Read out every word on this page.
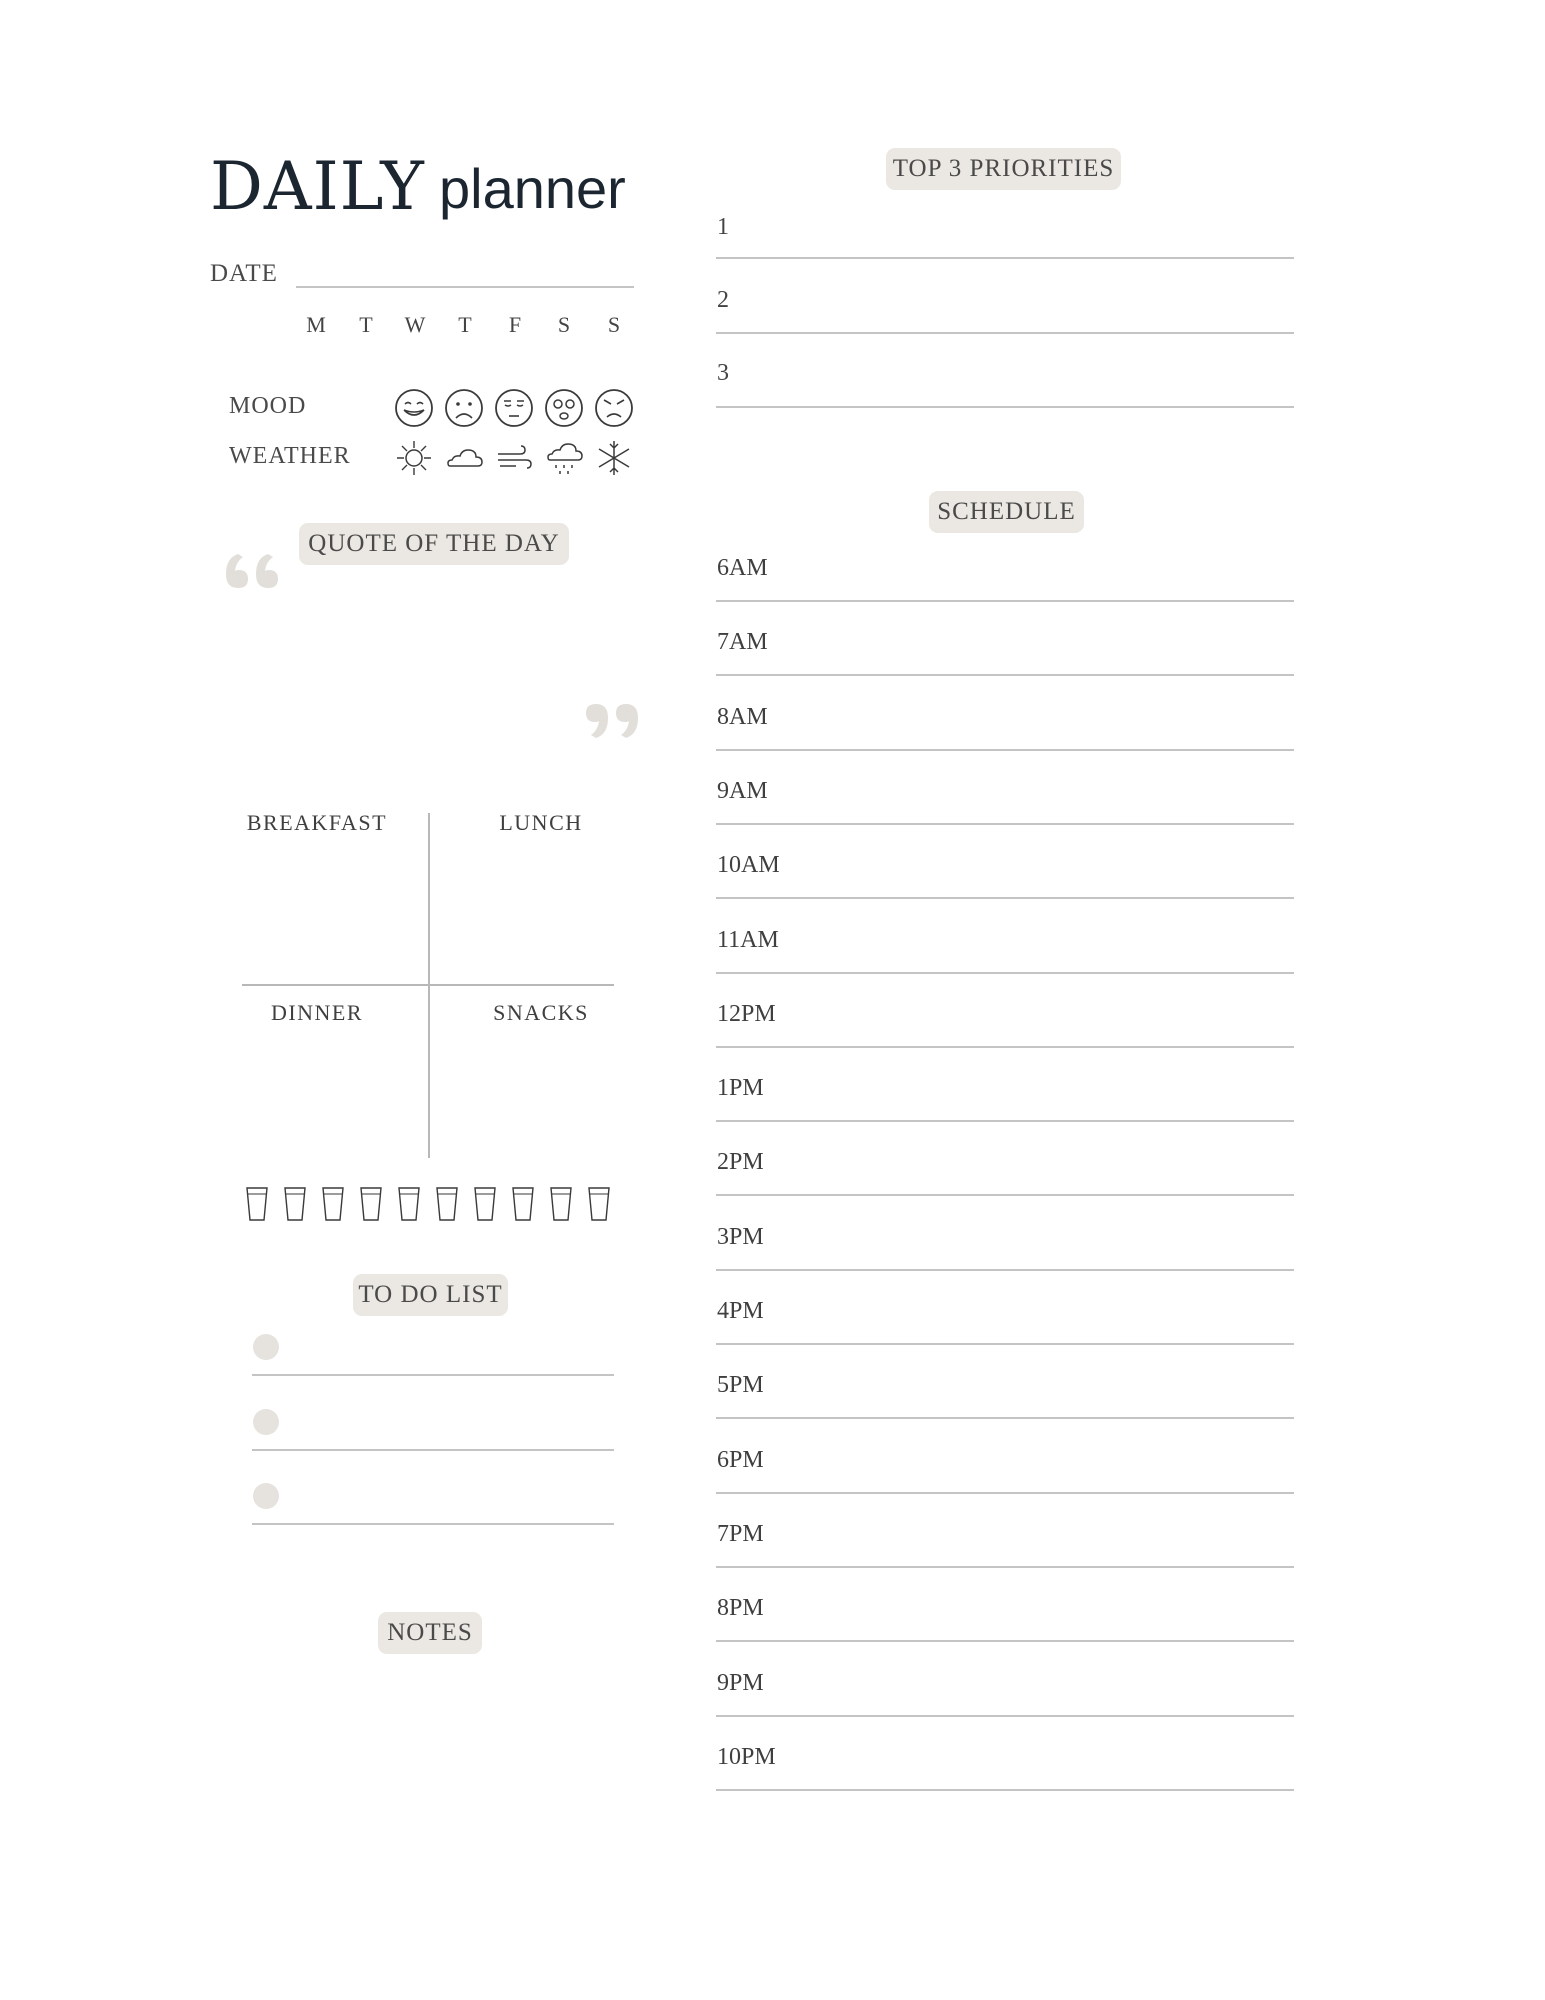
DAILY planner
DATE
M	T	W	T	F	S	S
MOOD
WEATHER
QUOTE OF THE DAY
BREAKFAST	LUNCH
DINNER	SNACKS
TO DO LIST
NOTES
TOP 3 PRIORITIES
1
2
3
SCHEDULE
6AM
7AM
8AM
9AM
10AM
11AM
12PM
1PM
2PM
3PM
4PM
5PM
6PM
7PM
8PM
9PM
10PM
